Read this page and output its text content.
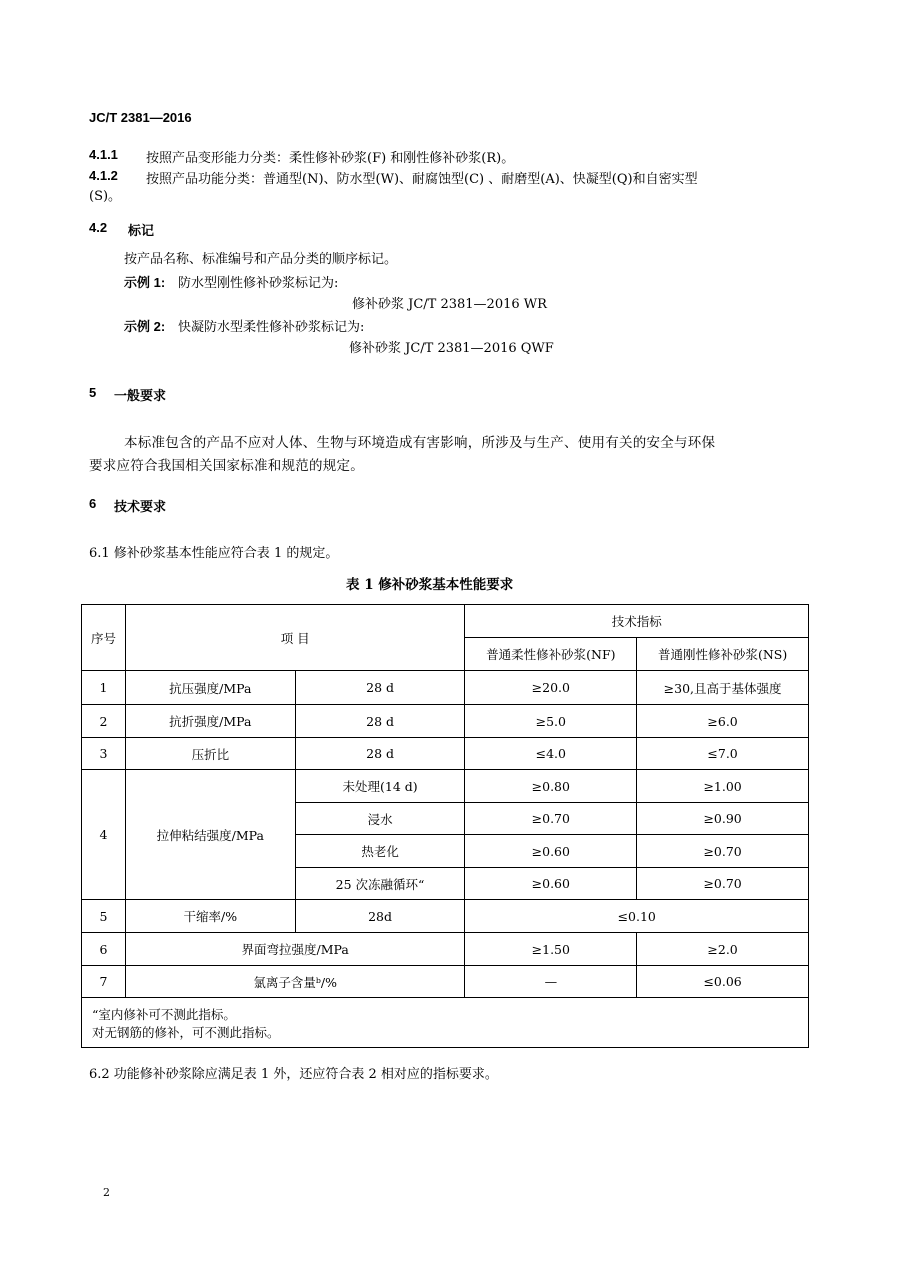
JC/T 2381—2016
4.1.1 按照产品变形能力分类：柔性修补砂浆(F) 和刚性修补砂浆(R)。
4.1.2 按照产品功能分类：普通型(N)、防水型(W)、耐腐蚀型(C) 、耐磨型(A)、快凝型(Q)和自密实型
(S)。
4.2 标记
按产品名称、标准编号和产品分类的顺序标记。
示例 1: 防水型刚性修补砂浆标记为:
修补砂浆 JC/T 2381—2016 WR
示例 2: 快凝防水型柔性修补砂浆标记为:
修补砂浆 JC/T 2381—2016 QWF
5 一般要求
本标准包含的产品不应对人体、生物与环境造成有害影响，所涉及与生产、使用有关的安全与环保
要求应符合我国相关国家标准和规范的规定。
6 技术要求
6.1 修补砂浆基本性能应符合表 1 的规定。
表 1 修补砂浆基本性能要求
序号	项 目		技术指标	
			普通柔性修补砂浆(NF)	普通刚性修补砂浆(NS)
1	抗压强度/MPa	28 d	≥20.0	≥30,且高于基体强度
2	抗折强度/MPa	28 d	≥5.0	≥6.0
3	压折比	28 d	≤4.0	≤7.0
4	拉伸粘结强度/MPa	未处理(14 d)	≥0.80	≥1.00
		浸水	≥0.70	≥0.90
		热老化	≥0.60	≥0.70
		25 次冻融循环“	≥0.60	≥0.70
5	干缩率/%	28d	≤0.10	
6	界面弯拉强度/MPa		≥1.50	≥2.0
7	氯离子含量ᵇ/%		—	≤0.06

“室内修补可不测此指标。
对无钢筋的修补，可不测此指标。				
6.2 功能修补砂浆除应满足表 1 外，还应符合表 2 相对应的指标要求。
2
